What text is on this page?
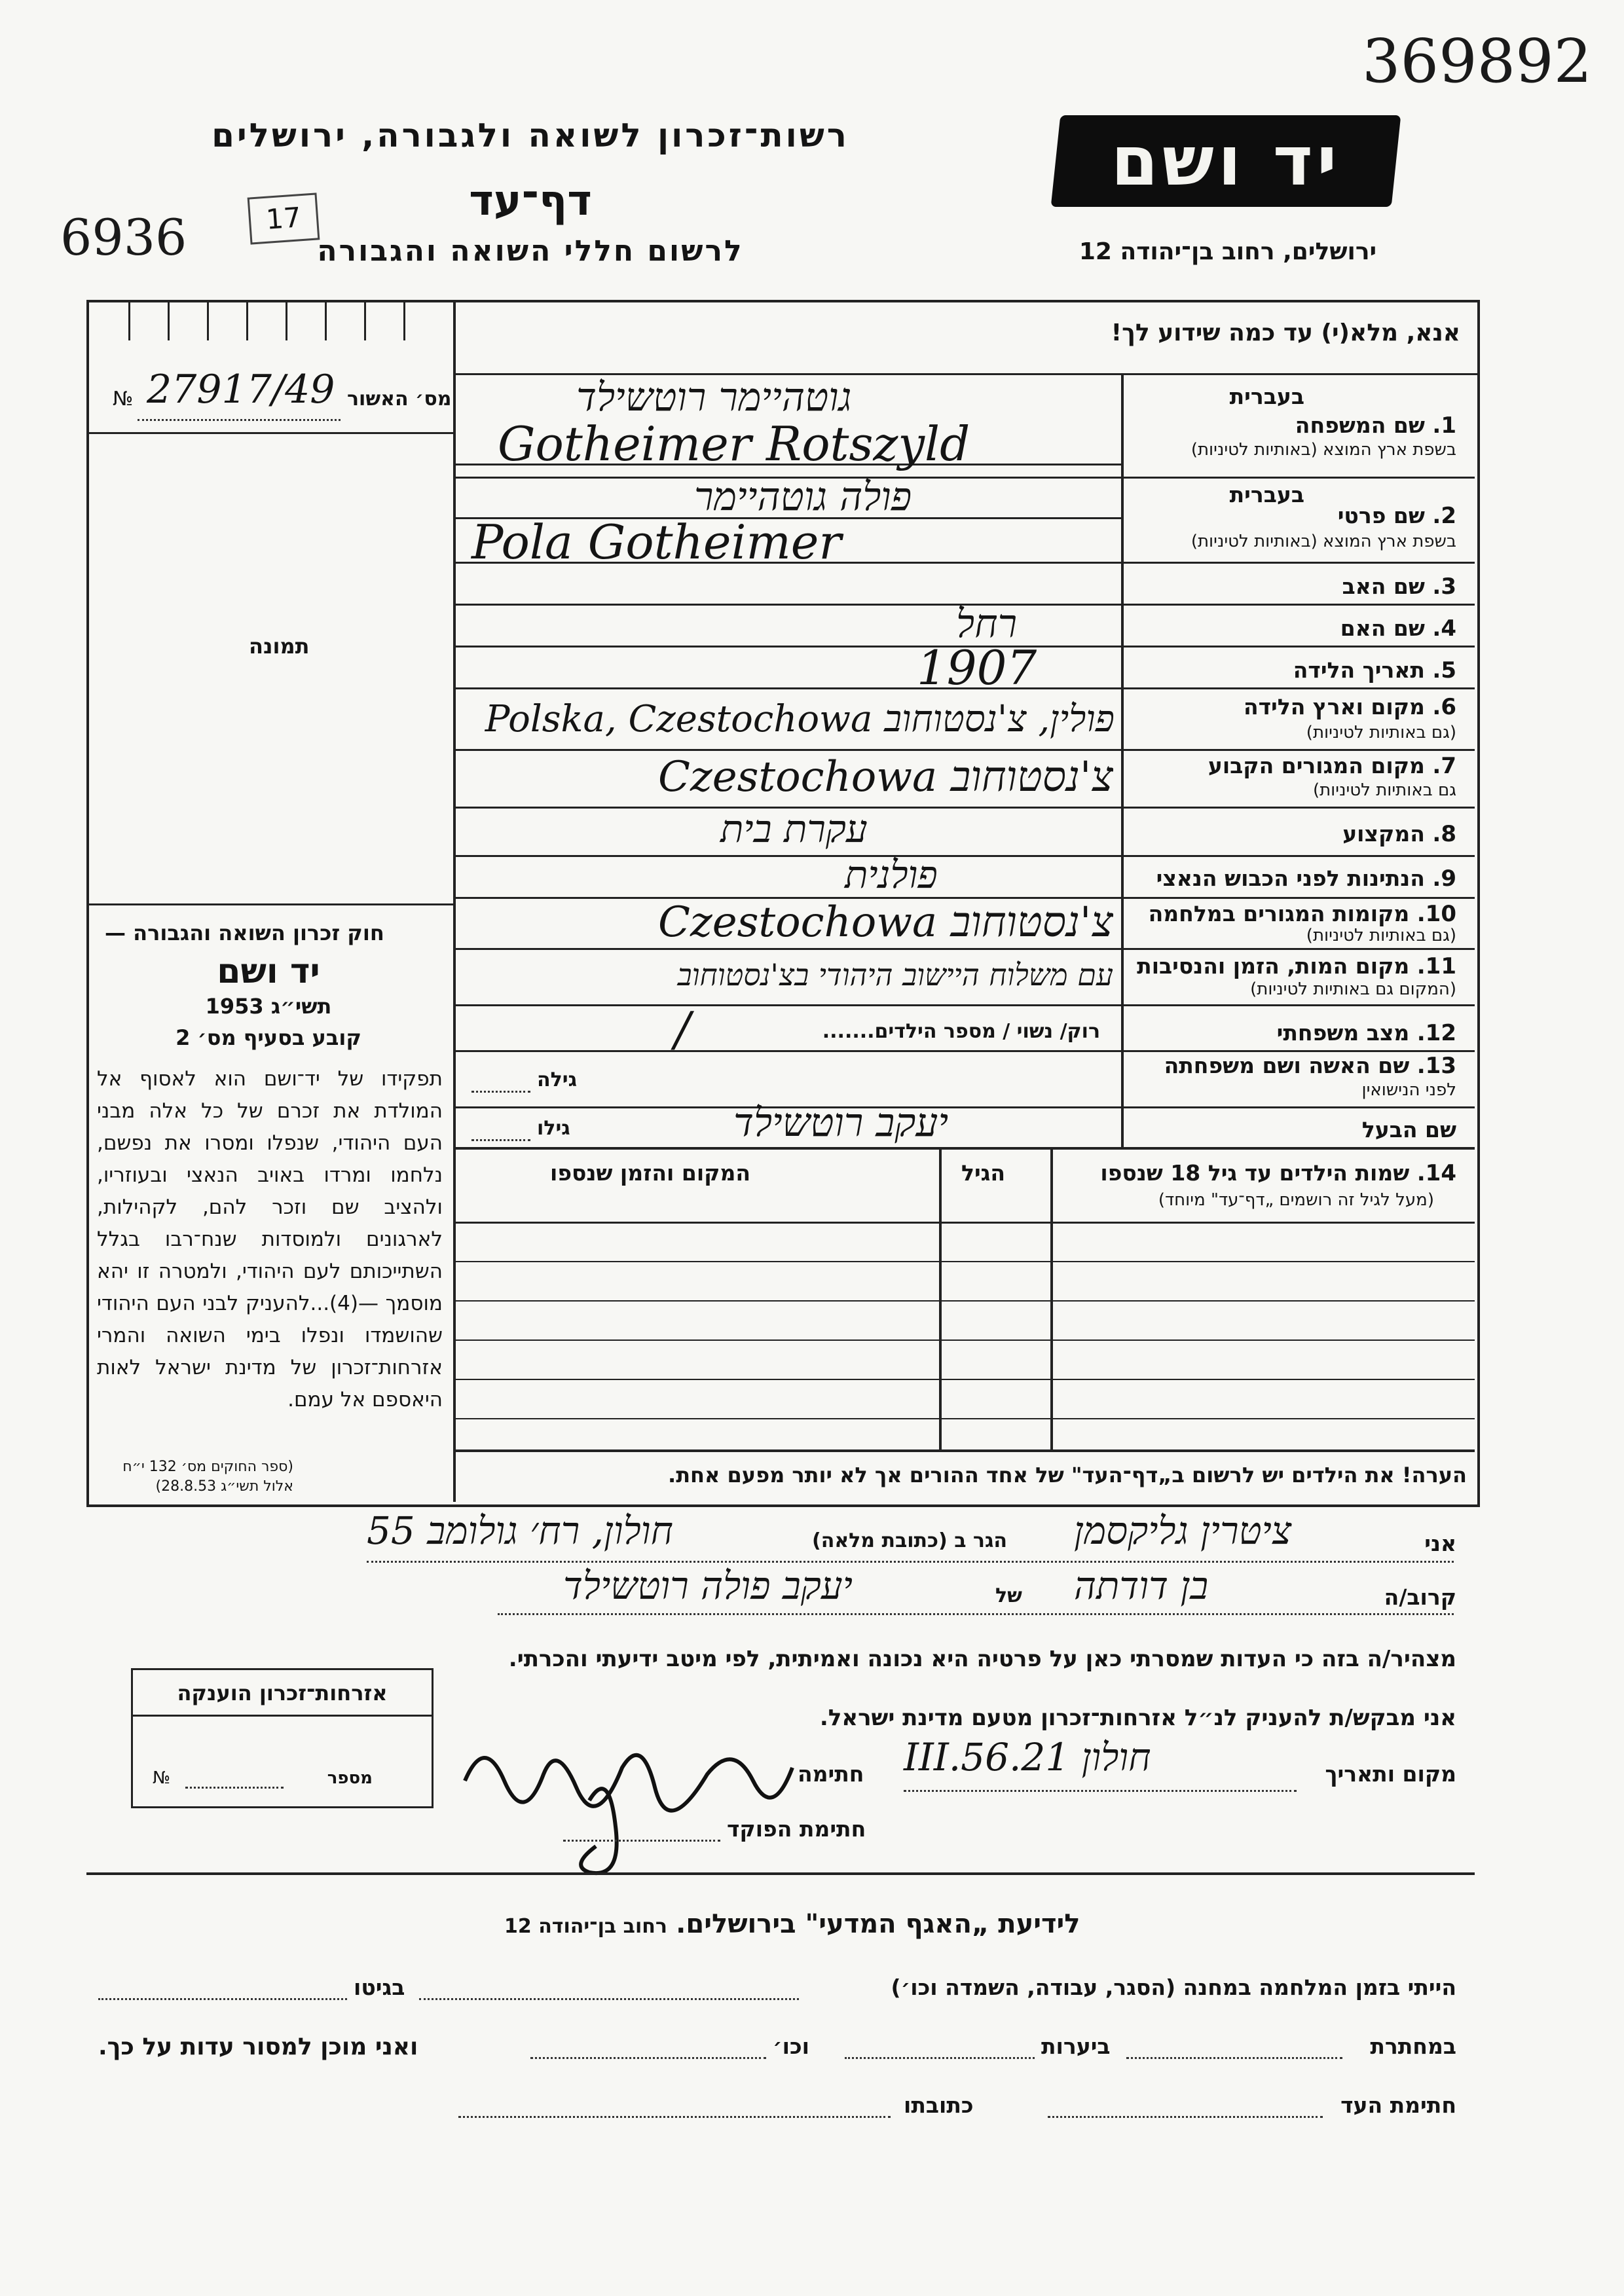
369892
רשות־זכרון לשואה ולגבורה, ירושלים
דף־עד
6936	17
לרשום חללי השואה והגבורה
יד ושם
ירושלים, רחוב בן־יהודה 12
אנא, מלא(י) עד כמה שידוע לך!
מס׳ האשור
№ 27917/49
תמונה
חוק זכרון השואה והגבורה —
יד ושם
תשי״ג 1953
קובע בסעיף מס׳ 2
תפקידו של יד־ושם הוא לאסוף אל המולדת את זכרם של כל אלה מבני העם היהודי, שנפלו ומסרו את נפשם, נלחמו ומרדו באויב הנאצי ובעוזריו, ולהציב שם וזכר להם, לקהילות, לארגונים ולמוסדות שנח־רבו בגלל השתייכותם לעם היהודי, ולמטרה זו יהא מוסמך —(4)...להעניק לבני העם היהודי שהושמדו ונפלו בימי השואה והמרי אזרחות־זכרון של מדינת ישראל לאות היאספם אל עמם.
(ספר החוקים מס׳ 132 י״ח אלול תשי״ג 28.8.53)
1. שם המשפחה
בשפת ארץ המוצא (באותיות לטיניות)
בעברית
גוטהיימר רוטשילד
Gotheimer Rotszyld
בעברית
2. שם פרטי
בשפת ארץ המוצא (באותיות לטיניות)
פולה גוטהיימר
Pola Gotheimer
3. שם האב
4. שם האם
רחל
5. תאריך הלידה
1907
6. מקום וארץ הלידה
(גם באותיות לטיניות)
פולין, צ'נסטוחוב Polska, Czestochowa
7. מקום המגורים הקבוע
גם באותיות לטיניות)
צ'נסטוחוב Czestochowa
8. המקצוע
עקרת בית
9. הנתינות לפני הכבוש הנאצי
פולנית
10. מקומות המגורים במלחמה
(גם באותיות לטיניות)
צ'נסטוחוב Czestochowa
11. מקום המות, הזמן והנסיבות
(המקום גם באותיות לטיניות)
עם משלוח היישוב היהודי בצ'נסטוחוב
12. מצב משפחתי
רוק/ נשוי / מספר הילדים.......
/
13. שם האשה ושם משפחתה
לפני הנישואין
גילה
שם הבעל
גילו	יעקב רוטשילד
14. שמות הילדים עד גיל 18 שנספו
(מעל לגיל זה רושמים „דף־עד" מיוחד)
הגיל
המקום והזמן שנספו
הערה! את הילדים יש לרשום ב„דף־העד" של אחד ההורים אך לא יותר מפעם אחת.
אני
ציטרין גליקסמן
הגר ב (כתובת מלאה)
חולון, רח׳ גולומב 55
קרוב/ה
בן דודתה
של
יעקב פולה רוטשילד
מצהיר/ה בזה כי העדות שמסרתי כאן על פרטיה היא נכונה ואמיתית, לפי מיטב ידיעתי והכרתי.
אזרחות־זכרון הוענקה
מספר
№
אני מבקש/ת להעניק לנ״ל אזרחות־זכרון מטעם מדינת ישראל.
מקום ותאריך
חולון 21.III.56
חתימה
חתימת הפוקד
לידיעת „האגף המדעי" בירושלים. רחוב בן־יהודה 12
הייתי בזמן המלחמה במחנה (הסגר, עבודה, השמדה וכו׳)
בגיטו
במחתרת
ביערות
וכו׳
ואני מוכן למסור עדות על כך.
חתימת העד
כתובתו
